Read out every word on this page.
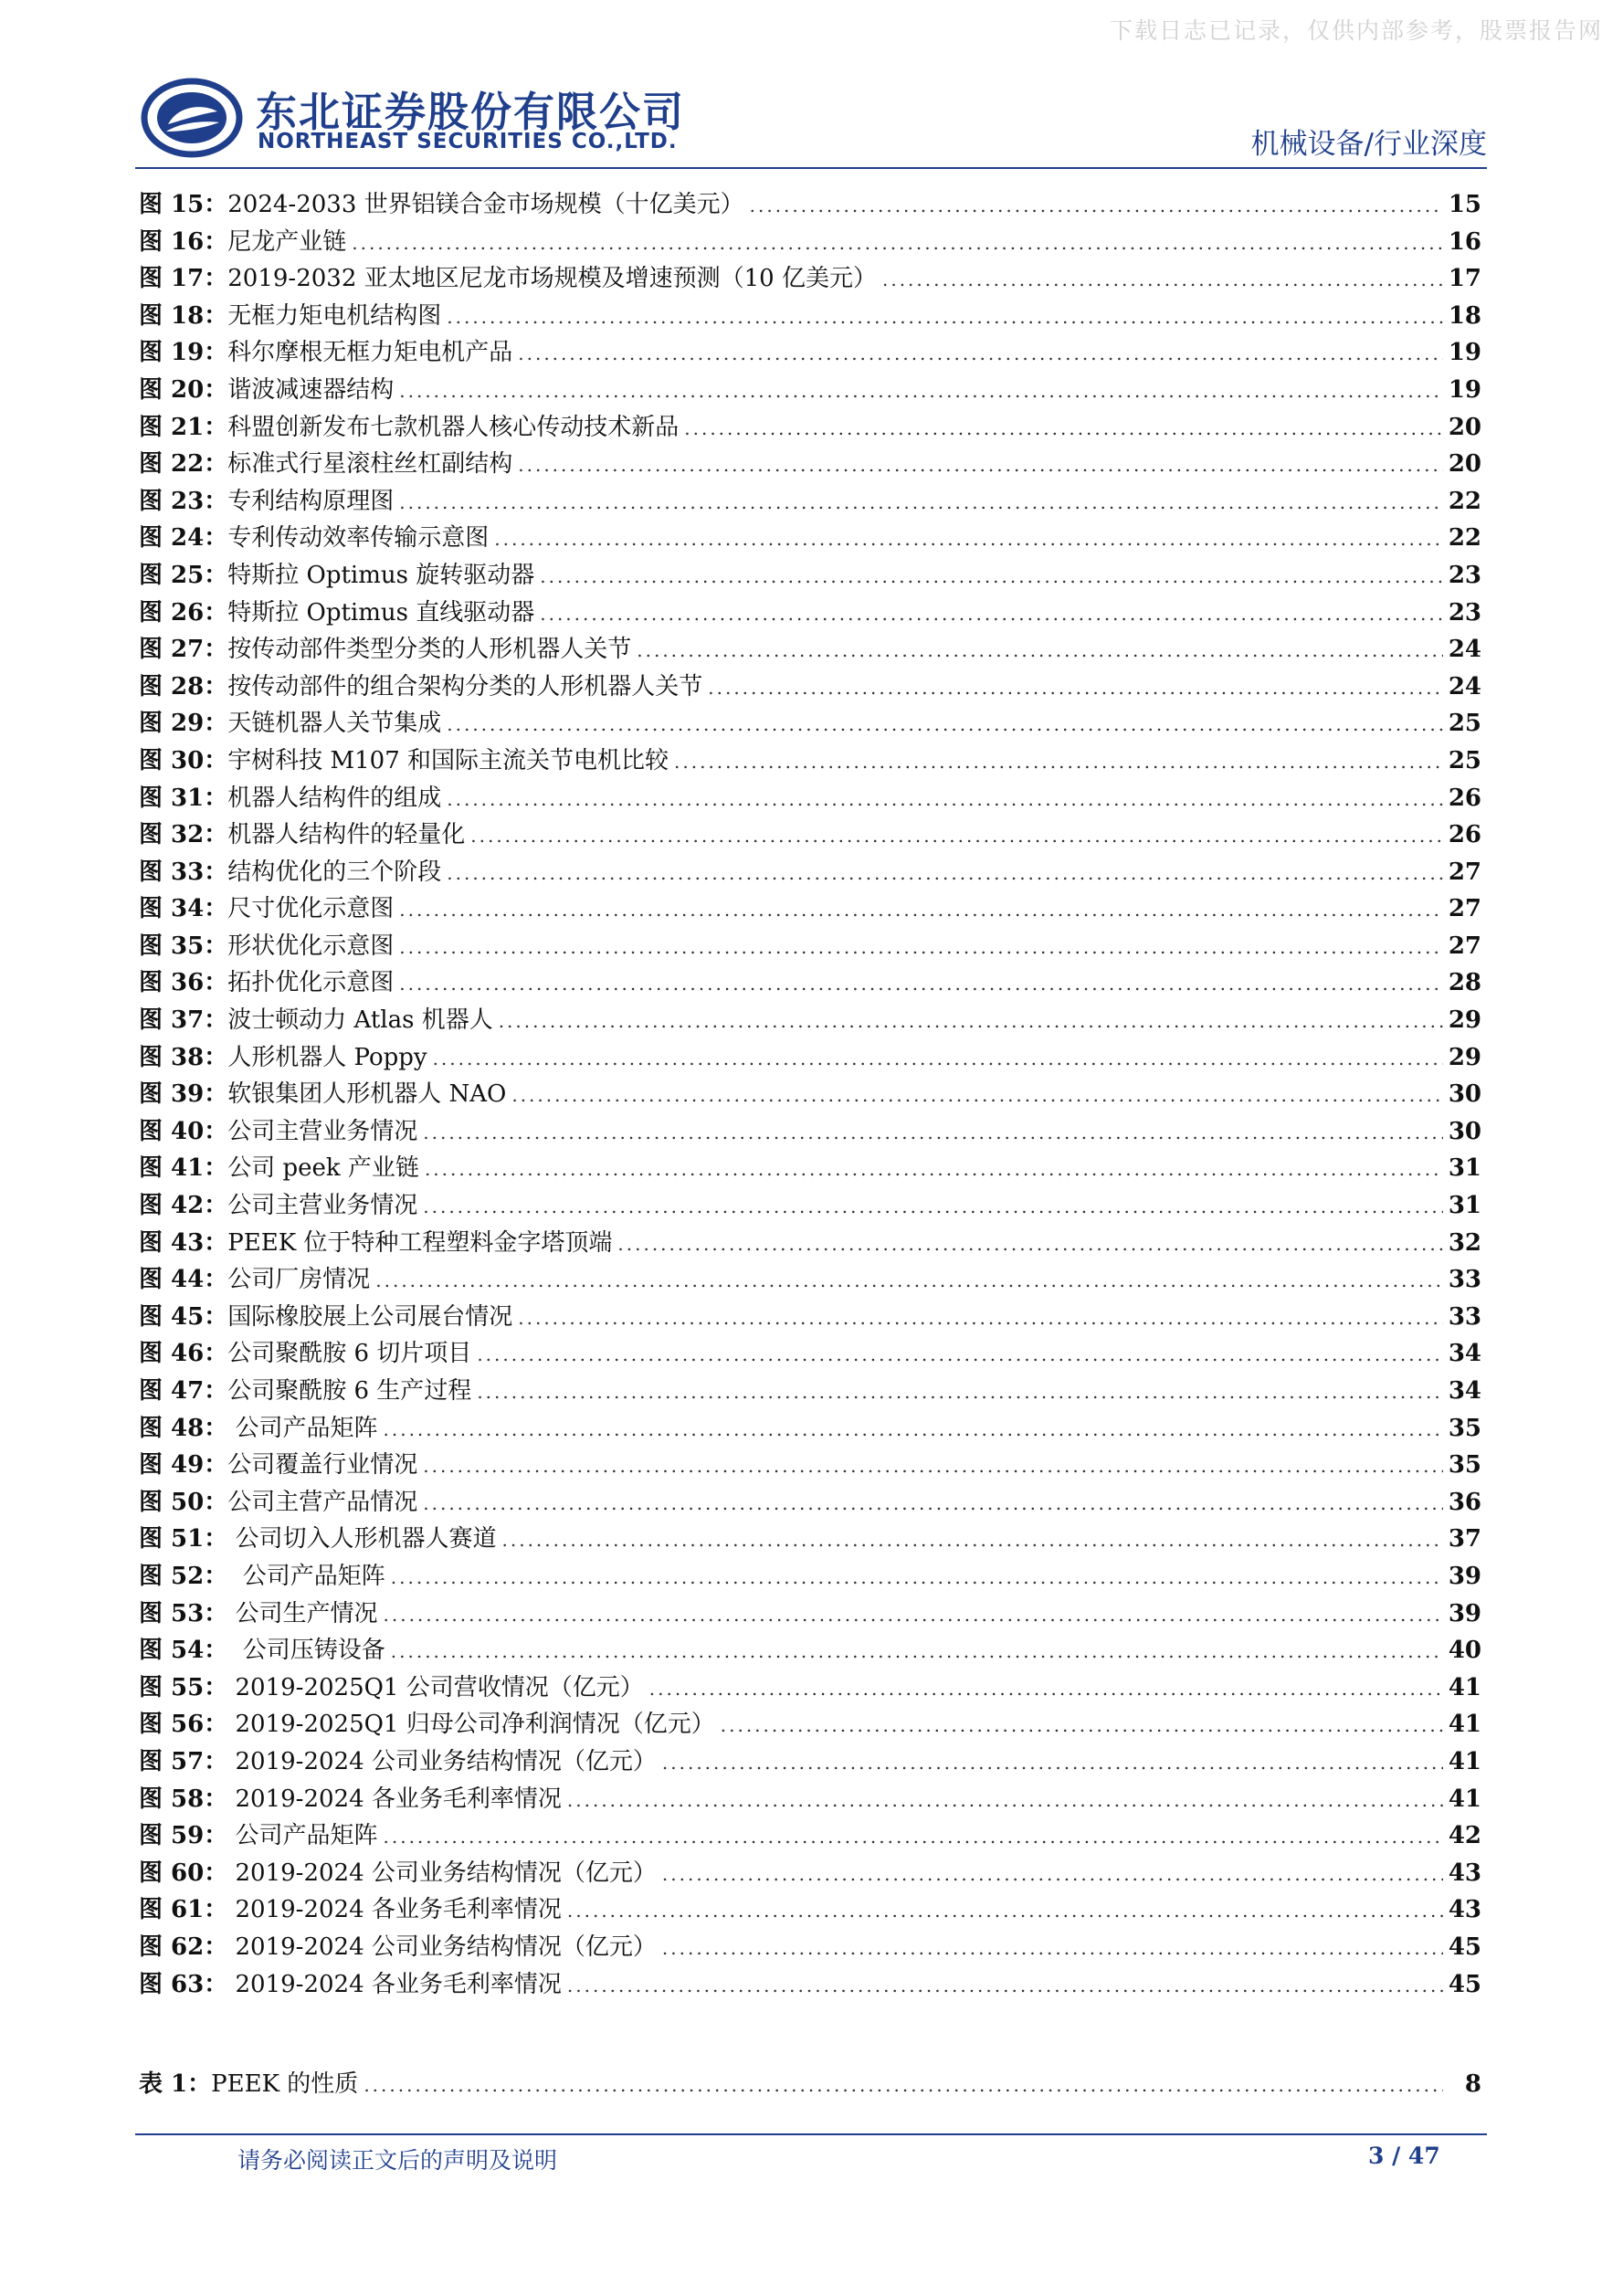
下载日志已记录，仅供内部参考，股票报告网
东北证券股份有限公司
NORTHEAST SECURITIES CO.,LTD.	机械设备/行业深度
图 15： 2024-2033 世界铝镁合金市场规模（十亿美元） .....	15
图 16： 尼龙产业链 .....	16
图 17： 2019-2032 亚太地区尼龙市场规模及增速预测（10 亿美元） .....	17
图 18： 无框力矩电机结构图 .....	18
图 19： 科尔摩根无框力矩电机产品 .....	19
图 20： 谐波减速器结构 .....	19
图 21： 科盟创新发布七款机器人核心传动技术新品 .....	20
图 22： 标准式行星滚柱丝杠副结构 .....	20
图 23： 专利结构原理图 .....	22
图 24： 专利传动效率传输示意图 .....	22
图 25： 特斯拉 Optimus 旋转驱动器 .....	23
图 26： 特斯拉 Optimus 直线驱动器 .....	23
图 27： 按传动部件类型分类的人形机器人关节 .....	24
图 28： 按传动部件的组合架构分类的人形机器人关节 .....	24
图 29： 天链机器人关节集成 .....	25
图 30： 宇树科技 M107 和国际主流关节电机比较 .....	25
图 31： 机器人结构件的组成 .....	26
图 32： 机器人结构件的轻量化 .....	26
图 33： 结构优化的三个阶段 .....	27
图 34： 尺寸优化示意图 .....	27
图 35： 形状优化示意图 .....	27
图 36： 拓扑优化示意图 .....	28
图 37： 波士顿动力 Atlas 机器人 .....	29
图 38： 人形机器人 Poppy .....	29
图 39： 软银集团人形机器人 NAO .....	30
图 40： 公司主营业务情况 .....	30
图 41： 公司 peek 产业链 .....	31
图 42： 公司主营业务情况 .....	31
图 43： PEEK 位于特种工程塑料金字塔顶端 .....	32
图 44： 公司厂房情况 .....	33
图 45： 国际橡胶展上公司展台情况 .....	33
图 46： 公司聚酰胺 6 切片项目 .....	34
图 47： 公司聚酰胺 6 生产过程 .....	34
图 48： 公司产品矩阵 .....	35
图 49： 公司覆盖行业情况 .....	35
图 50： 公司主营产品情况 .....	36
图 51： 公司切入人形机器人赛道 .....	37
图 52： 公司产品矩阵 .....	39
图 53： 公司生产情况 .....	39
图 54： 公司压铸设备 .....	40
图 55： 2019-2025Q1 公司营收情况（亿元） .....	41
图 56： 2019-2025Q1 归母公司净利润情况（亿元） .....	41
图 57： 2019-2024 公司业务结构情况（亿元） .....	41
图 58： 2019-2024 各业务毛利率情况 .....	41
图 59： 公司产品矩阵 .....	42
图 60： 2019-2024 公司业务结构情况（亿元） .....	43
图 61： 2019-2024 各业务毛利率情况 .....	43
图 62： 2019-2024 公司业务结构情况（亿元） .....	45
图 63： 2019-2024 各业务毛利率情况 .....	45
表 1： PEEK 的性质 .....	8
请务必阅读正文后的声明及说明	3 / 47
